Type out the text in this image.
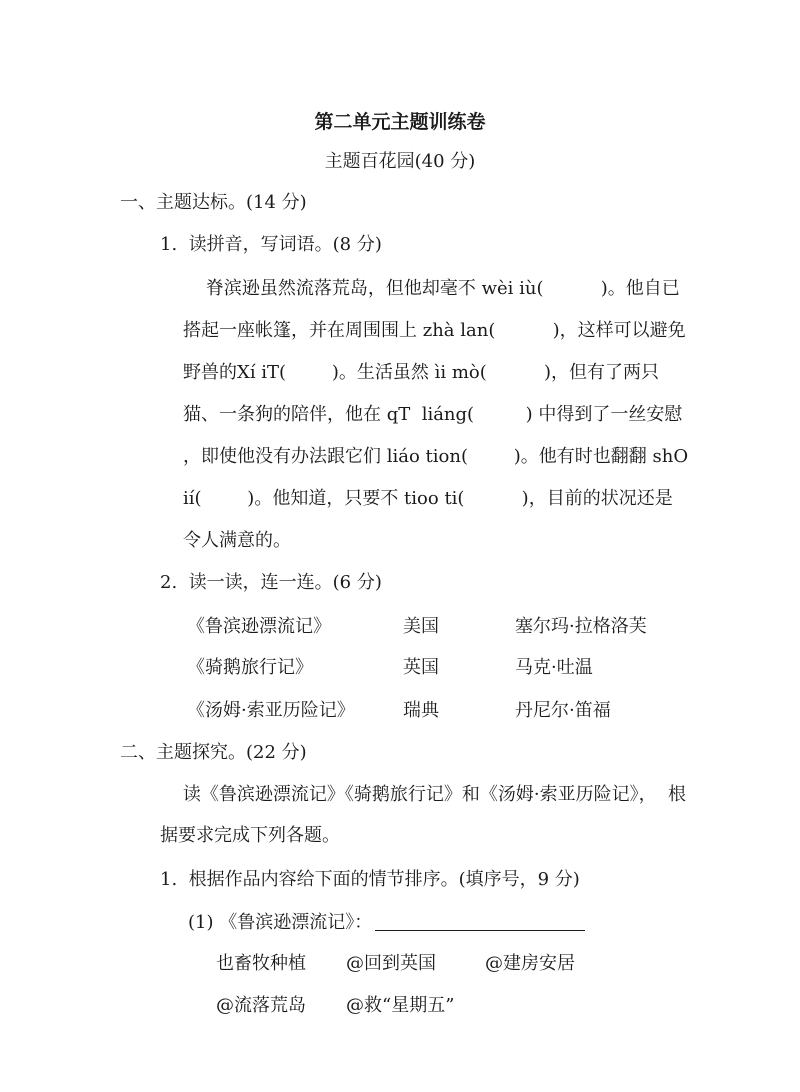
第二单元主题训练卷
主题百花园(40 分)
一、主题达标。(14 分)
1.  读拼音，写词语。(8 分)
脊滨逊虽然流落荒岛，但他却毫不 wèi iù(          )。他自已
搭起一座帐篷，并在周围围上 zhà lan(          )，这样可以避免
野兽的Xí iT(        )。生活虽然 ìi mò(          )，但有了两只
猫、一条狗的陪伴，他在 qT  liáng(         ) 中得到了一丝安慰
，即使他没有办法跟它们 liáo tion(        )。他有时也翻翻 shO
ií(        )。他知道，只要不 tioo ti(          )，目前的状况还是
令人满意的。
2.  读一读，连一连。(6 分)
《鲁滨逊漂流记》	美国	塞尔玛·拉格洛芙
《骑鹅旅行记》	英国	马克·吐温
《汤姆·索亚历险记》	瑞典	丹尼尔·笛福
二、主题探究。(22 分)
读《鲁滨逊漂流记》《骑鹅旅行记》和《汤姆·索亚历险记》，  根
据要求完成下列各题。
1.  根据作品内容给下面的情节排序。(填序号，9 分)
(1) 《鲁滨逊漂流记》：
也畜牧种植 @回到英国	@建房安居
@流落荒岛 @救“星期五”
